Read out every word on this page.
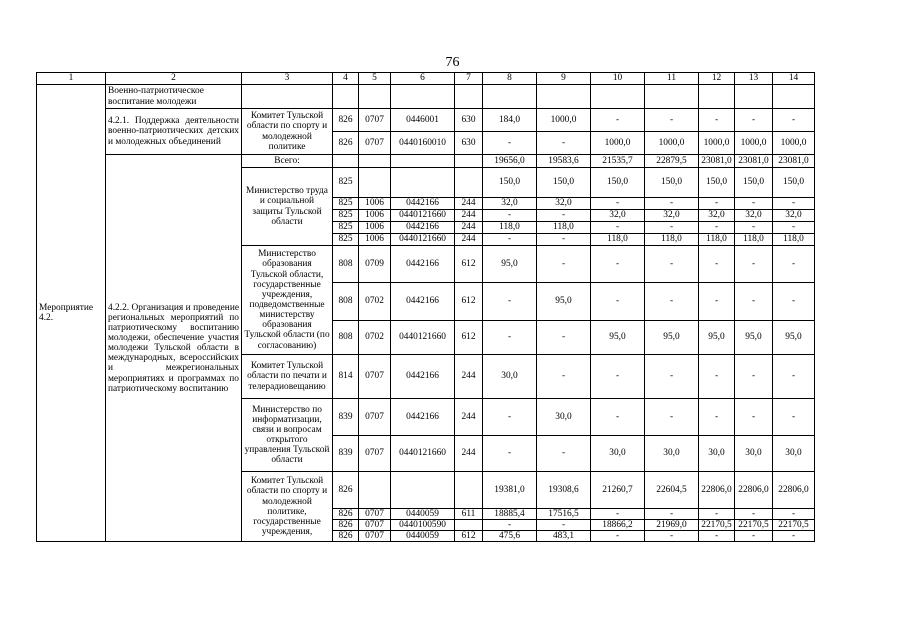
76
1	2	3	4	5	6	7	8	9	10	11	12	13	14
Мероприятие 4.2.	Военно-патриотическое воспитание молодежи												
	4.2.1. Поддержка деятельности военно-патриотических детских и молодежных объединений	Комитет Тульской области по спорту и молодежной политике	826	0707	0446001	630	184,0	1000,0	-	-	-	-	-
			826	0707	0440160010	630	-	-	1000,0	1000,0	1000,0	1000,0	1000,0
	4.2.2. Организация и проведение региональных мероприятий по патриотическому воспитанию молодежи, обеспечение участия молодежи Тульской области в международных, всероссийских и межрегиональных мероприятиях и программах по патриотическому воспитанию	Всего:					19656,0	19583,6	21535,7	22879,5	23081,0	23081,0	23081,0
		Министерство труда и социальной защиты Тульской области	825				150,0	150,0	150,0	150,0	150,0	150,0	150,0
			825	1006	0442166	244	32,0	32,0	-	-	-	-	-
			825	1006	0440121660	244	-	-	32,0	32,0	32,0	32,0	32,0
			825	1006	0442166	244	118,0	118,0	-	-	-	-	-
			825	1006	0440121660	244	-	-	118,0	118,0	118,0	118,0	118,0
		Министерство образования Тульской области, государственные учреждения, подведомственные министерству образования Тульской области (по согласованию)	808	0709	0442166	612	95,0	-	-	-	-	-	-
			808	0702	0442166	612	-	95,0	-	-	-	-	-
			808	0702	0440121660	612	-	-	95,0	95,0	95,0	95,0	95,0
		Комитет Тульской области по печати и телерадиовещанию	814	0707	0442166	244	30,0	-	-	-	-	-	-
		Министерство по информатизации, связи и вопросам открытого управления Тульской области	839	0707	0442166	244	-	30,0	-	-	-	-	-
			839	0707	0440121660	244	-	-	30,0	30,0	30,0	30,0	30,0
		Комитет Тульской области по спорту и молодежной политике, государственные учреждения,	826				19381,0	19308,6	21260,7	22604,5	22806,0	22806,0	22806,0
			826	0707	0440059	611	18885,4	17516,5	-	-	-	-	-
			826	0707	0440100590		-	-	18866,2	21969,0	22170,5	22170,5	22170,5
			826	0707	0440059	612	475,6	483,1	-	-	-	-	-
